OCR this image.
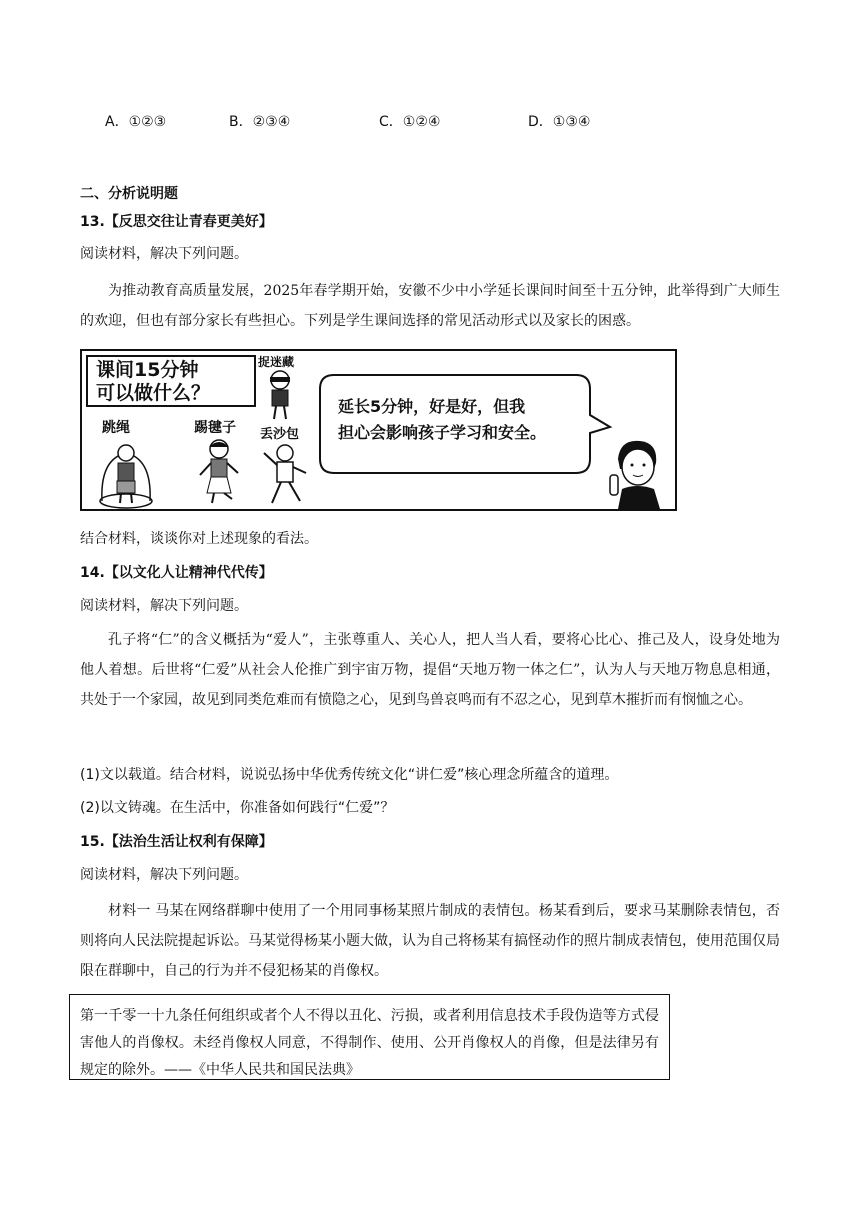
A．①②③	B．②③④	C．①②④	D．①③④
二、分析说明题
13.【反思交往让青春更美好】
阅读材料，解决下列问题。
为推动教育高质量发展，2025年春学期开始，安徽不少中小学延长课间时间至十五分钟，此举得到广大师生的欢迎，但也有部分家长有些担心。下列是学生课间选择的常见活动形式以及家长的困惑。
课间15分钟
可以做什么？
跳绳	踢毽子
捉迷藏
丢沙包
延长5分钟，好是好，但我
担心会影响孩子学习和安全。
结合材料，谈谈你对上述现象的看法。
14.【以文化人让精神代代传】
阅读材料，解决下列问题。
孔子将“仁”的含义概括为“爱人”，主张尊重人、关心人，把人当人看，要将心比心、推己及人，设身处地为他人着想。后世将“仁爱”从社会人伦推广到宇宙万物，提倡“天地万物一体之仁”，认为人与天地万物息息相通，共处于一个家园，故见到同类危难而有愤隐之心，见到鸟兽哀鸣而有不忍之心，见到草木摧折而有悯恤之心。
(1)文以载道。结合材料，说说弘扬中华优秀传统文化“讲仁爱”核心理念所蕴含的道理。
(2)以文铸魂。在生活中，你准备如何践行“仁爱”？
15.【法治生活让权利有保障】
阅读材料，解决下列问题。
材料一 马某在网络群聊中使用了一个用同事杨某照片制成的表情包。杨某看到后，要求马某删除表情包，否则将向人民法院提起诉讼。马某觉得杨某小题大做，认为自己将杨某有搞怪动作的照片制成表情包，使用范围仅局限在群聊中，自己的行为并不侵犯杨某的肖像权。
第一千零一十九条任何组织或者个人不得以丑化、污损，或者利用信息技术手段伪造等方式侵害他人的肖像权。未经肖像权人同意，不得制作、使用、公开肖像权人的肖像，但是法律另有规定的除外。——《中华人民共和国民法典》
